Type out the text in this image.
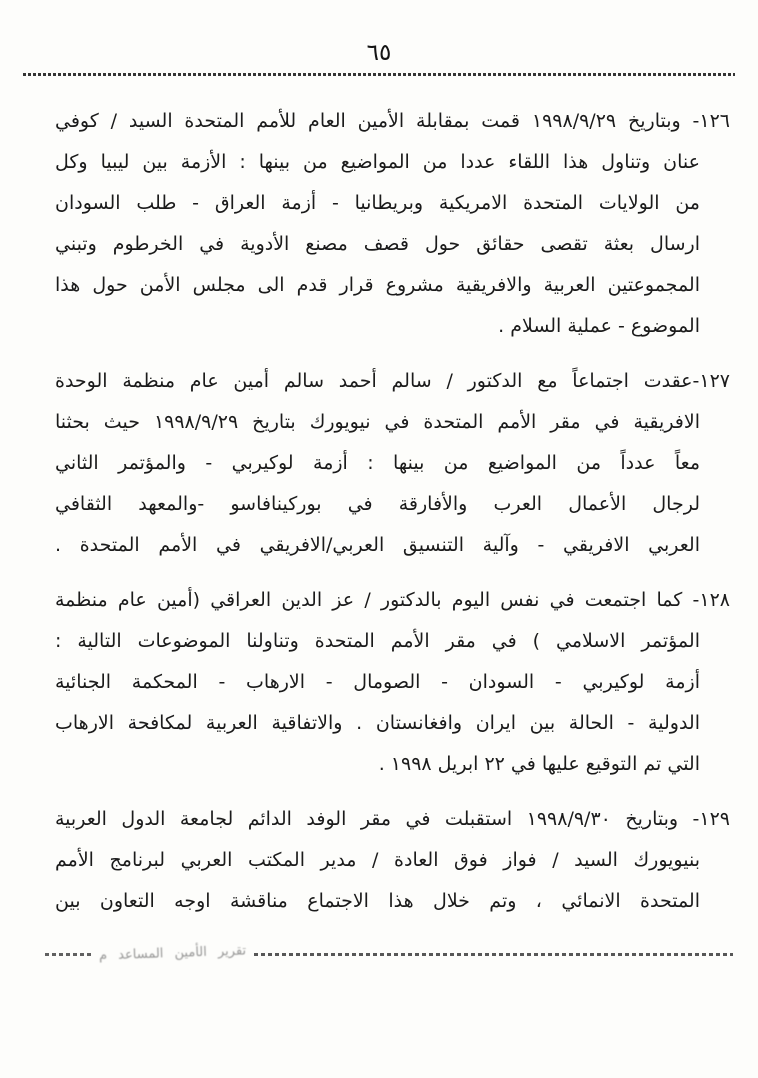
٦٥

١٢٦- وبتاريخ ١٩٩٨/٩/٢٩ قمت بمقابلة الأمين العام للأمم المتحدة السيد / كوفي
عنان وتناول هذا اللقاء عددا من المواضيع من بينها : الأزمة بين ليبيا وكل
من الولايات المتحدة الامريكية وبريطانيا - أزمة العراق - طلب السودان
ارسال بعثة تقصى حقائق حول قصف مصنع الأدوية في الخرطوم وتبني
المجموعتين العربية والافريقية مشروع قرار قدم الى مجلس الأمن حول هذا
الموضوع - عملية السلام .

١٢٧-عقدت اجتماعاً مع الدكتور / سالم أحمد سالم أمين عام منظمة الوحدة
الافريقية في مقر الأمم المتحدة في نيويورك بتاريخ ١٩٩٨/٩/٢٩ حيث بحثنا
معاً عدداً من المواضيع من بينها : أزمة لوكيربي - والمؤتمر الثاني
لرجال الأعمال العرب والأفارقة في بوركينافاسو -والمعهد الثقافي
العربي الافريقي - وآلية التنسيق العربي/الافريقي في الأمم المتحدة .

١٢٨- كما اجتمعت في نفس اليوم بالدكتور / عز الدين العراقي (أمين عام منظمة
المؤتمر الاسلامي ) في مقر الأمم المتحدة وتناولنا الموضوعات التالية :
أزمة لوكيربي - السودان - الصومال - الارهاب - المحكمة الجنائية
الدولية - الحالة بين ايران وافغانستان . والاتفاقية العربية لمكافحة الارهاب
التي تم التوقيع عليها في ٢٢ ابريل ١٩٩٨ .

١٢٩- وبتاريخ ١٩٩٨/٩/٣٠ استقبلت في مقر الوفد الدائم لجامعة الدول العربية
بنيويورك السيد / فواز فوق العادة / مدير المكتب العربي لبرنامج الأمم
المتحدة الانمائي ، وتم خلال هذا الاجتماع مناقشة اوجه التعاون بين

تقرير الأمين المساعد م
